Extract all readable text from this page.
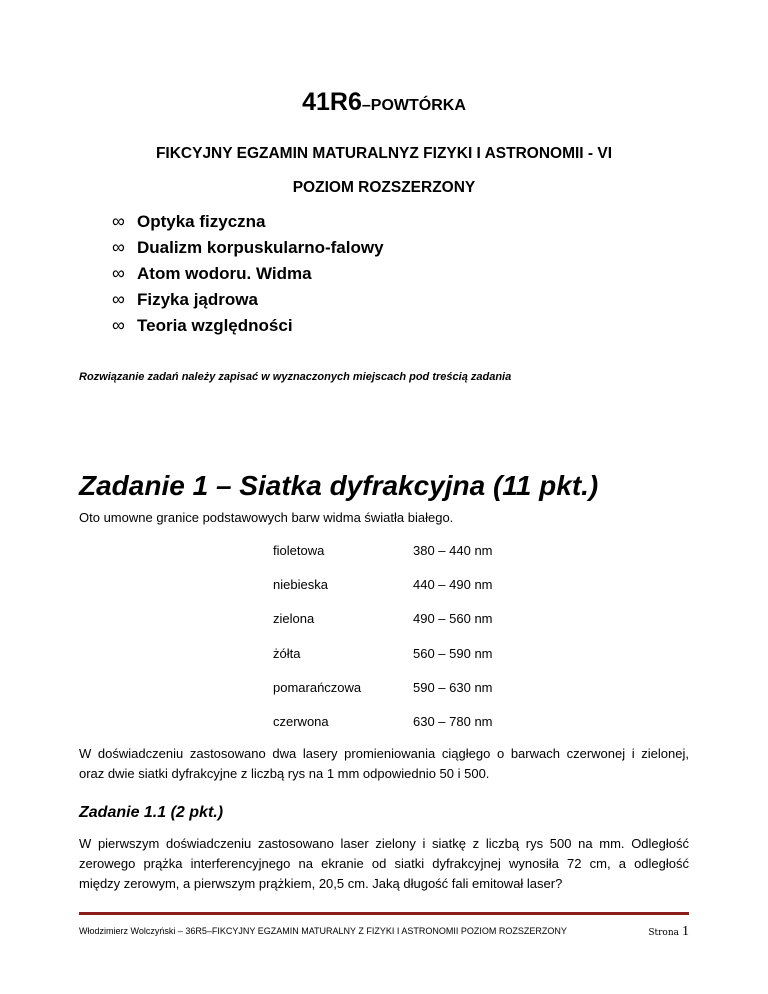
41R6–POWTÓRKA
FIKCYJNY EGZAMIN MATURALNYZ FIZYKI I ASTRONOMII - VI
POZIOM ROZSZERZONY
∞ Optyka fizyczna
∞ Dualizm korpuskularno-falowy
∞ Atom wodoru. Widma
∞ Fizyka jądrowa
∞ Teoria względności
Rozwiązanie zadań należy zapisać w wyznaczonych miejscach pod treścią zadania
Zadanie 1 – Siatka dyfrakcyjna (11 pkt.)
Oto umowne granice podstawowych barw widma światła białego.
fioletowa	380 – 440 nm
niebieska	440 – 490 nm
zielona	490 – 560 nm
żółta	560 – 590 nm
pomarańczowa	590 – 630 nm
czerwona	630 – 780 nm
W doświadczeniu zastosowano dwa lasery promieniowania ciągłego o barwach czerwonej i zielonej,
oraz dwie siatki dyfrakcyjne z liczbą rys na 1 mm odpowiednio 50 i 500.
Zadanie 1.1 (2 pkt.)
W pierwszym doświadczeniu zastosowano laser zielony i siatkę z liczbą rys 500 na mm. Odległość
zerowego prążka interferencyjnego na ekranie od siatki dyfrakcyjnej wynosiła 72 cm, a odległość
między zerowym, a pierwszym prążkiem, 20,5 cm. Jaką długość fali emitował laser?
Włodzimierz Wolczyński – 36R5–FIKCYJNY EGZAMIN MATURALNY Z FIZYKI I ASTRONOMII POZIOM ROZSZERZONY	Strona 1
